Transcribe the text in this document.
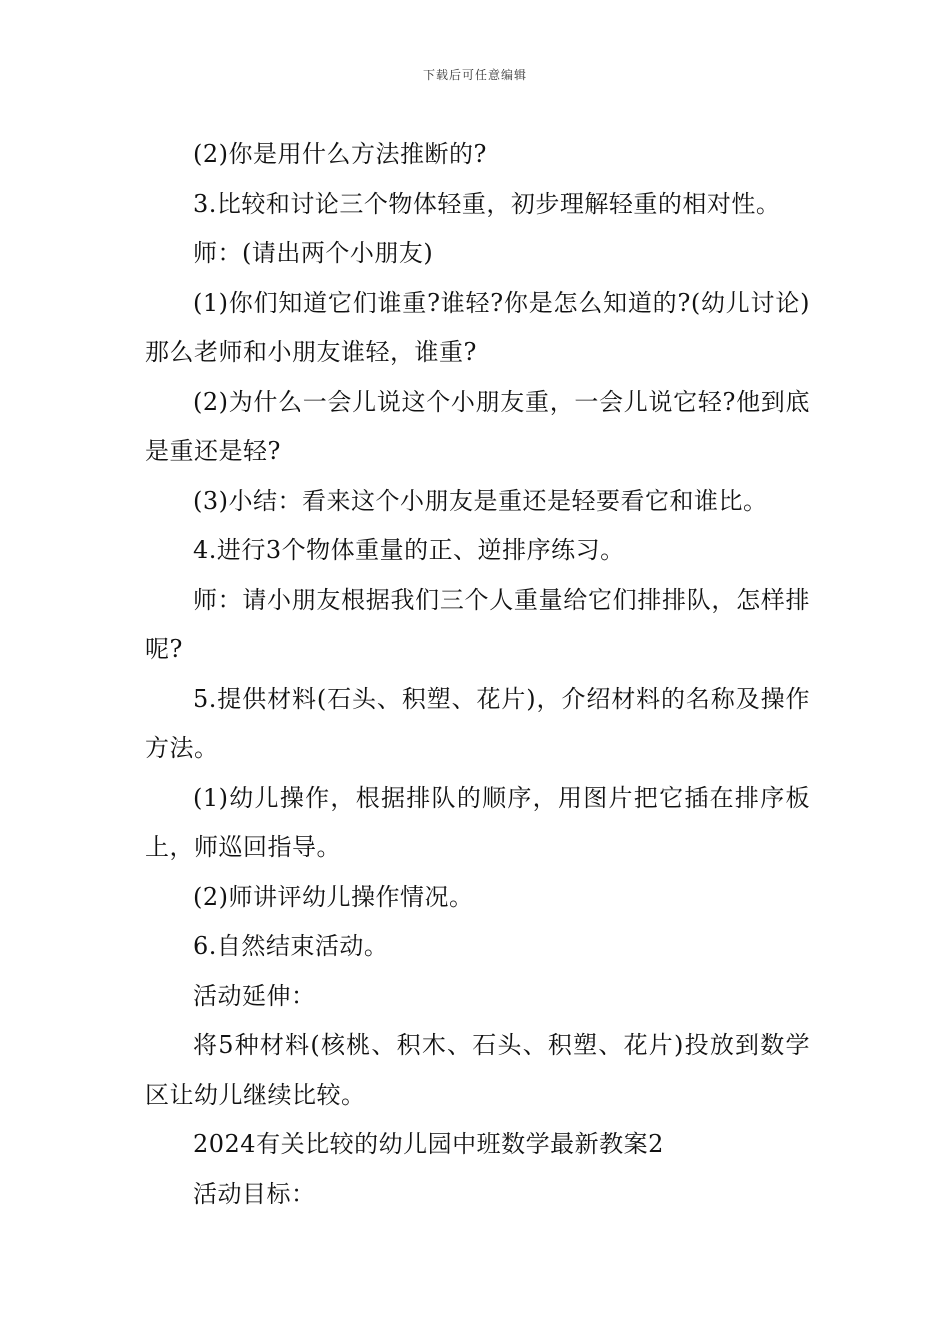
下载后可任意编辑

(2)你是用什么方法推断的?

3.比较和讨论三个物体轻重，初步理解轻重的相对性。

师：(请出两个小朋友)

(1)你们知道它们谁重?谁轻?你是怎么知道的?(幼儿讨论)那么老师和小朋友谁轻，谁重?

(2)为什么一会儿说这个小朋友重，一会儿说它轻?他到底是重还是轻?

(3)小结：看来这个小朋友是重还是轻要看它和谁比。

4.进行3个物体重量的正、逆排序练习。

师：请小朋友根据我们三个人重量给它们排排队，怎样排呢?

5.提供材料(石头、积塑、花片)，介绍材料的名称及操作方法。

(1)幼儿操作，根据排队的顺序，用图片把它插在排序板上，师巡回指导。

(2)师讲评幼儿操作情况。

6.自然结束活动。

活动延伸：

将5种材料(核桃、积木、石头、积塑、花片)投放到数学区让幼儿继续比较。

2024有关比较的幼儿园中班数学最新教案2

活动目标：
